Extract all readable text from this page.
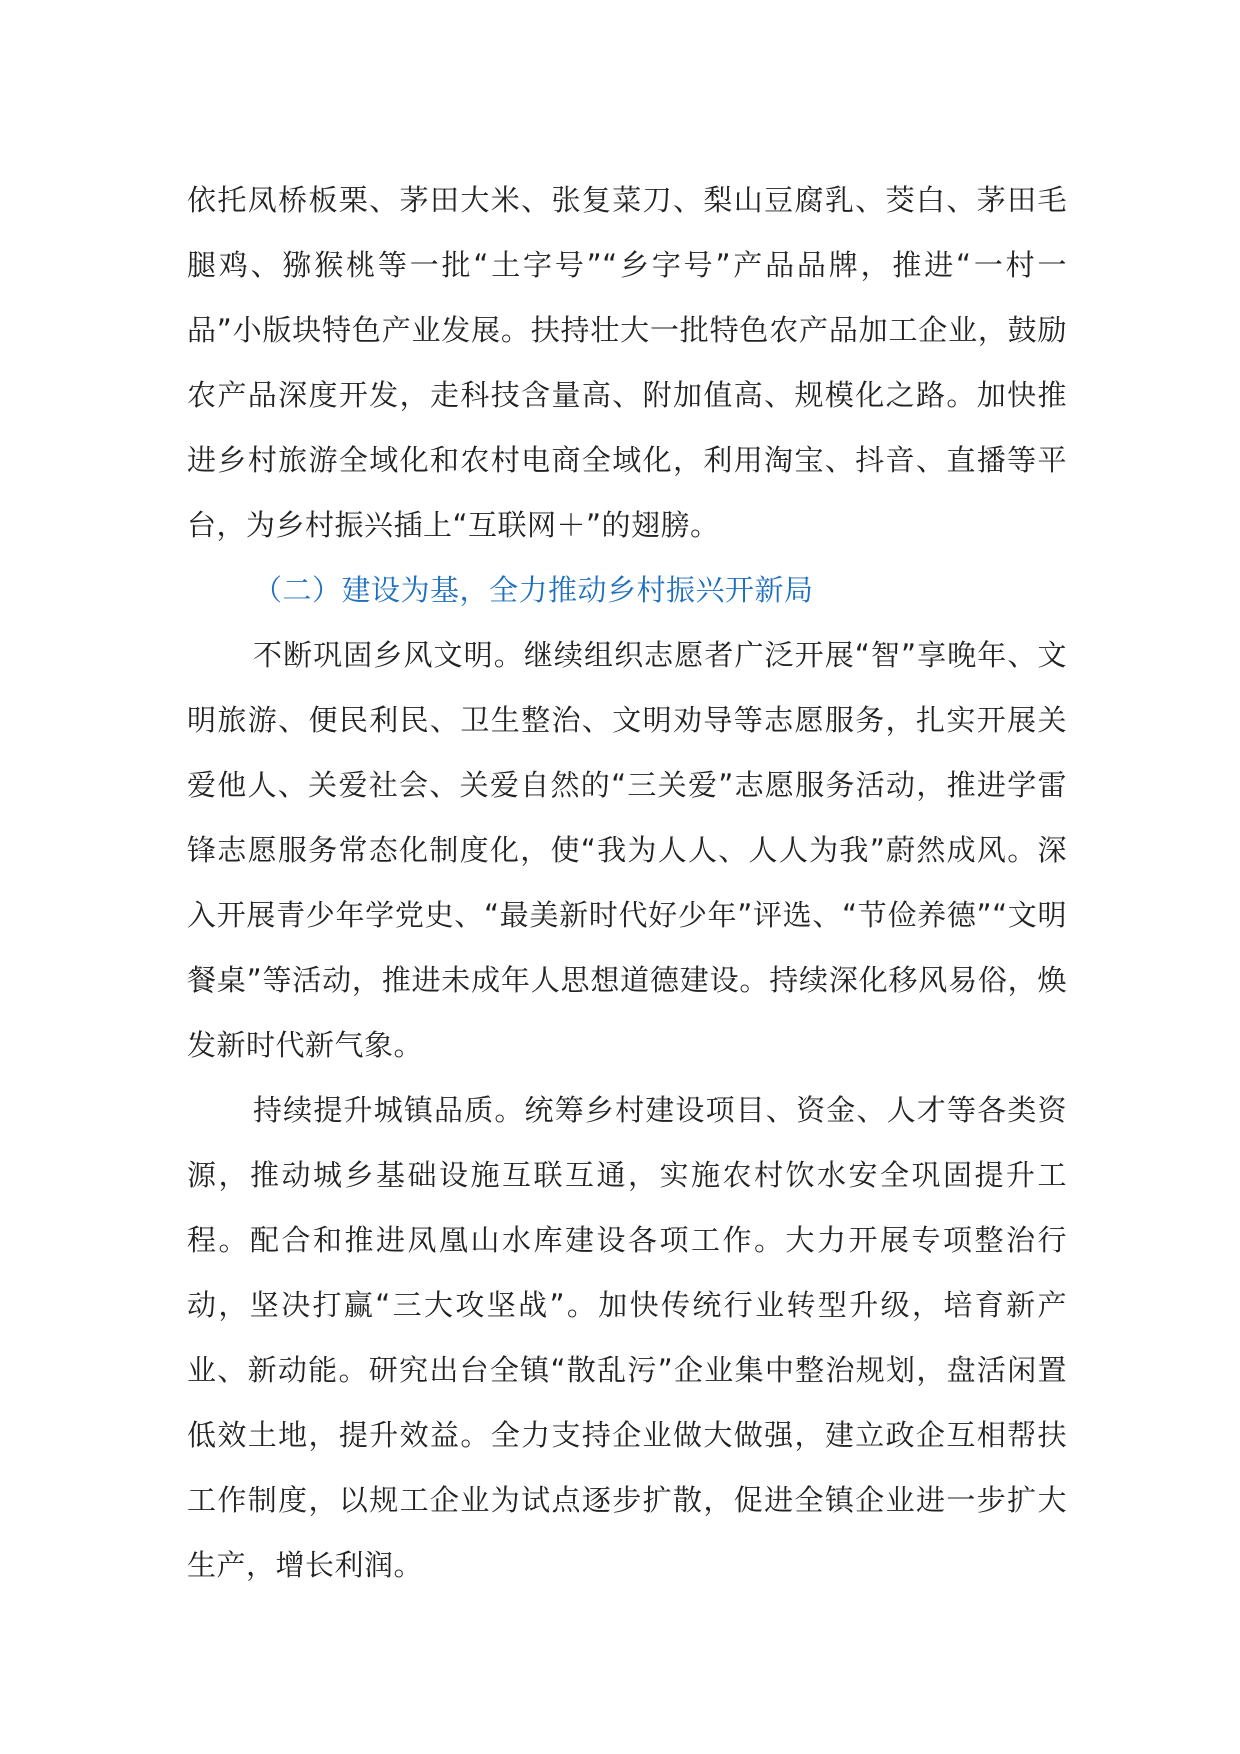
依托凤桥板栗、茅田大米、张复菜刀、梨山豆腐乳、茭白、茅田毛腿鸡、猕猴桃等一批“土字号”“乡字号”产品品牌，推进“一村一品”小版块特色产业发展。扶持壮大一批特色农产品加工企业，鼓励农产品深度开发，走科技含量高、附加值高、规模化之路。加快推进乡村旅游全域化和农村电商全域化，利用淘宝、抖音、直播等平台，为乡村振兴插上“互联网＋”的翅膀。

（二）建设为基，全力推动乡村振兴开新局

不断巩固乡风文明。继续组织志愿者广泛开展“智”享晚年、文明旅游、便民利民、卫生整治、文明劝导等志愿服务，扎实开展关爱他人、关爱社会、关爱自然的“三关爱”志愿服务活动，推进学雷锋志愿服务常态化制度化，使“我为人人、人人为我”蔚然成风。深入开展青少年学党史、“最美新时代好少年”评选、“节俭养德”“文明餐桌”等活动，推进未成年人思想道德建设。持续深化移风易俗，焕发新时代新气象。

持续提升城镇品质。统筹乡村建设项目、资金、人才等各类资源，推动城乡基础设施互联互通，实施农村饮水安全巩固提升工程。配合和推进凤凰山水库建设各项工作。大力开展专项整治行动，坚决打赢“三大攻坚战”。加快传统行业转型升级，培育新产业、新动能。研究出台全镇“散乱污”企业集中整治规划，盘活闲置低效土地，提升效益。全力支持企业做大做强，建立政企互相帮扶工作制度，以规工企业为试点逐步扩散，促进全镇企业进一步扩大生产，增长利润。
